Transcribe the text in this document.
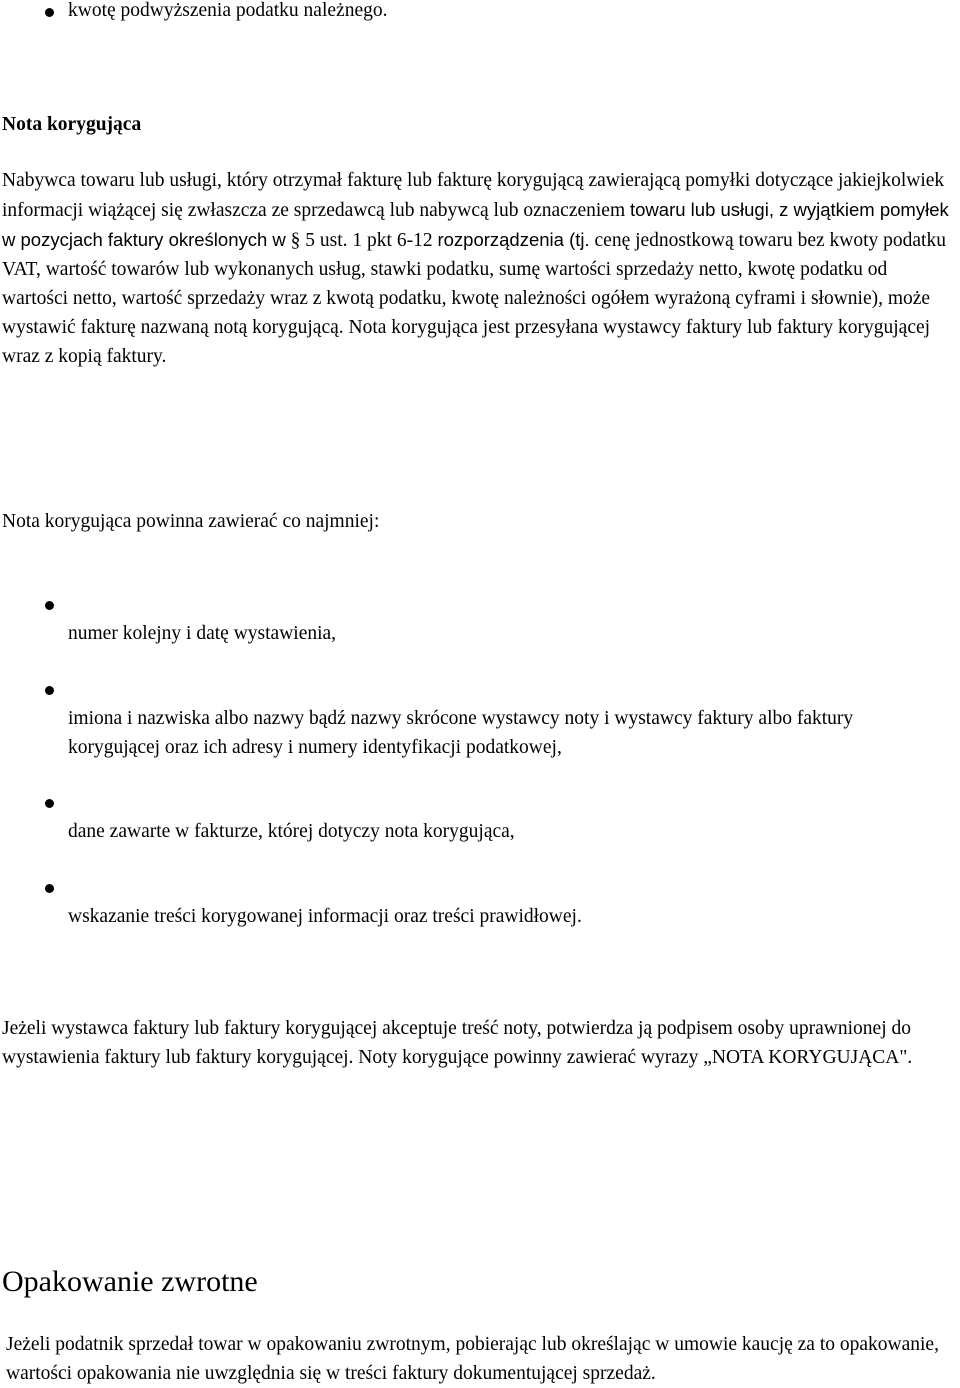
kwotę podwyższenia podatku należnego.
Nota korygująca
Nabywca towaru lub usługi, który otrzymał fakturę lub fakturę korygującą zawierającą pomyłki dotyczące jakiejkolwiek informacji wiążącej się zwłaszcza ze sprzedawcą lub nabywcą lub oznaczeniem towaru lub usługi, z wyjątkiem pomyłek w pozycjach faktury określonych w § 5 ust. 1 pkt 6-12 rozporządzenia (tj. cenę jednostkową towaru bez kwoty podatku VAT, wartość towarów lub wykonanych usług, stawki podatku, sumę wartości sprzedaży netto, kwotę podatku od wartości netto, wartość sprzedaży wraz z kwotą podatku, kwotę należności ogółem wyrażoną cyframi i słownie), może wystawić fakturę nazwaną notą korygującą. Nota korygująca jest przesyłana wystawcy faktury lub faktury korygującej wraz z kopią faktury.
Nota korygująca powinna zawierać co najmniej:
numer kolejny i datę wystawienia,
imiona i nazwiska albo nazwy bądź nazwy skrócone wystawcy noty i wystawcy faktury albo faktury korygującej oraz ich adresy i numery identyfikacji podatkowej,
dane zawarte w fakturze, której dotyczy nota korygująca,
wskazanie treści korygowanej informacji oraz treści prawidłowej.
Jeżeli wystawca faktury lub faktury korygującej akceptuje treść noty, potwierdza ją podpisem osoby uprawnionej do wystawienia faktury lub faktury korygującej. Noty korygujące powinny zawierać wyrazy „NOTA KORYGUJĄCA".
Opakowanie zwrotne
Jeżeli podatnik sprzedał towar w opakowaniu zwrotnym, pobierając lub określając w umowie kaucję za to opakowanie, wartości opakowania nie uwzględnia się w treści faktury dokumentującej sprzedaż.
